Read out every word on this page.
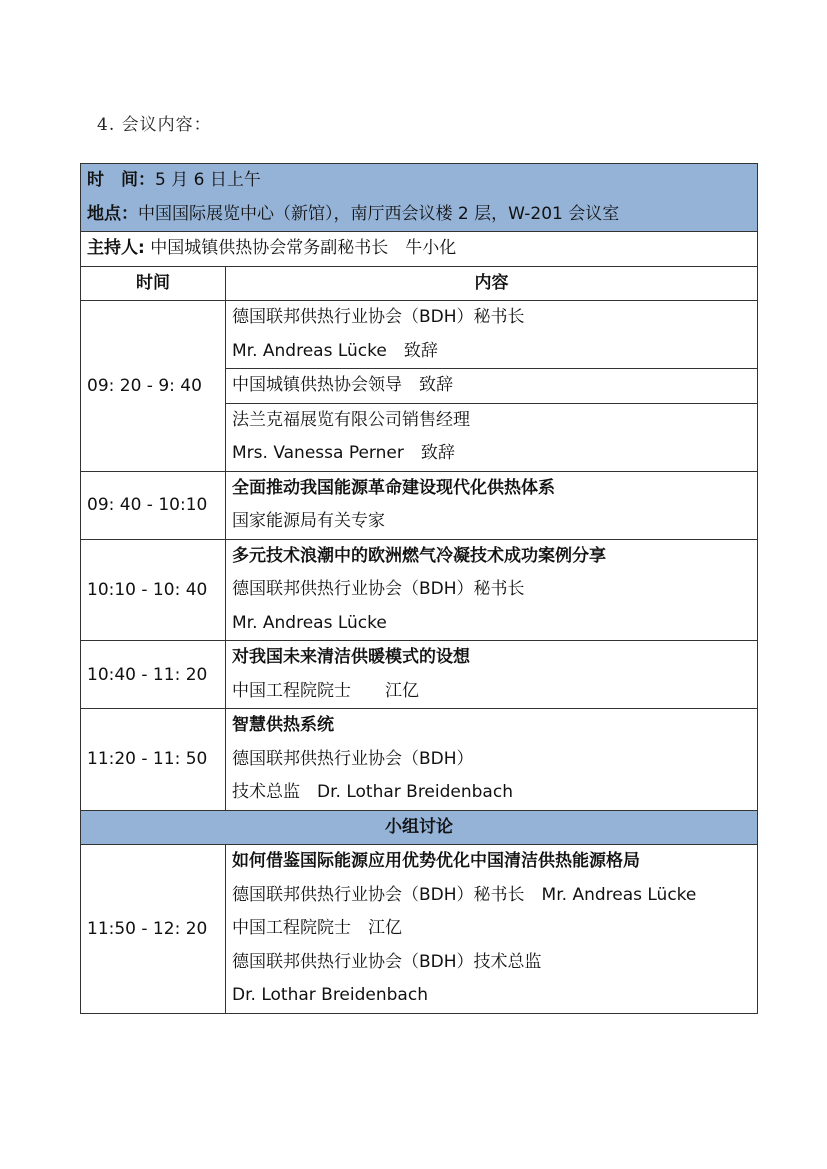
4. 会议内容：
时　间：5 月 6 日上午
地点：中国国际展览中心（新馆），南厅西会议楼 2 层，W-201 会议室	

主持人: 中国城镇供热协会常务副秘书长　牛小化	

时间	内容

09: 20 - 9: 40	德国联邦供热行业协会（BDH）秘书长
Mr. Andreas Lücke　致辞

	中国城镇供热协会领导　致辞

	法兰克福展览有限公司销售经理
Mrs. Vanessa Perner　致辞

09: 40 - 10:10	全面推动我国能源革命建设现代化供热体系
国家能源局有关专家

10:10 - 10: 40	多元技术浪潮中的欧洲燃气冷凝技术成功案例分享
德国联邦供热行业协会（BDH）秘书长
Mr. Andreas Lücke

10:40 - 11: 20	对我国未来清洁供暖模式的设想
中国工程院院士　　江亿

11:20 - 11: 50	智慧供热系统
德国联邦供热行业协会（BDH）
技术总监　Dr. Lothar Breidenbach

小组讨论	

11:50 - 12: 20	如何借鉴国际能源应用优势优化中国清洁供热能源格局
德国联邦供热行业协会（BDH）秘书长　Mr. Andreas Lücke
中国工程院院士　江亿
德国联邦供热行业协会（BDH）技术总监
Dr. Lothar Breidenbach
